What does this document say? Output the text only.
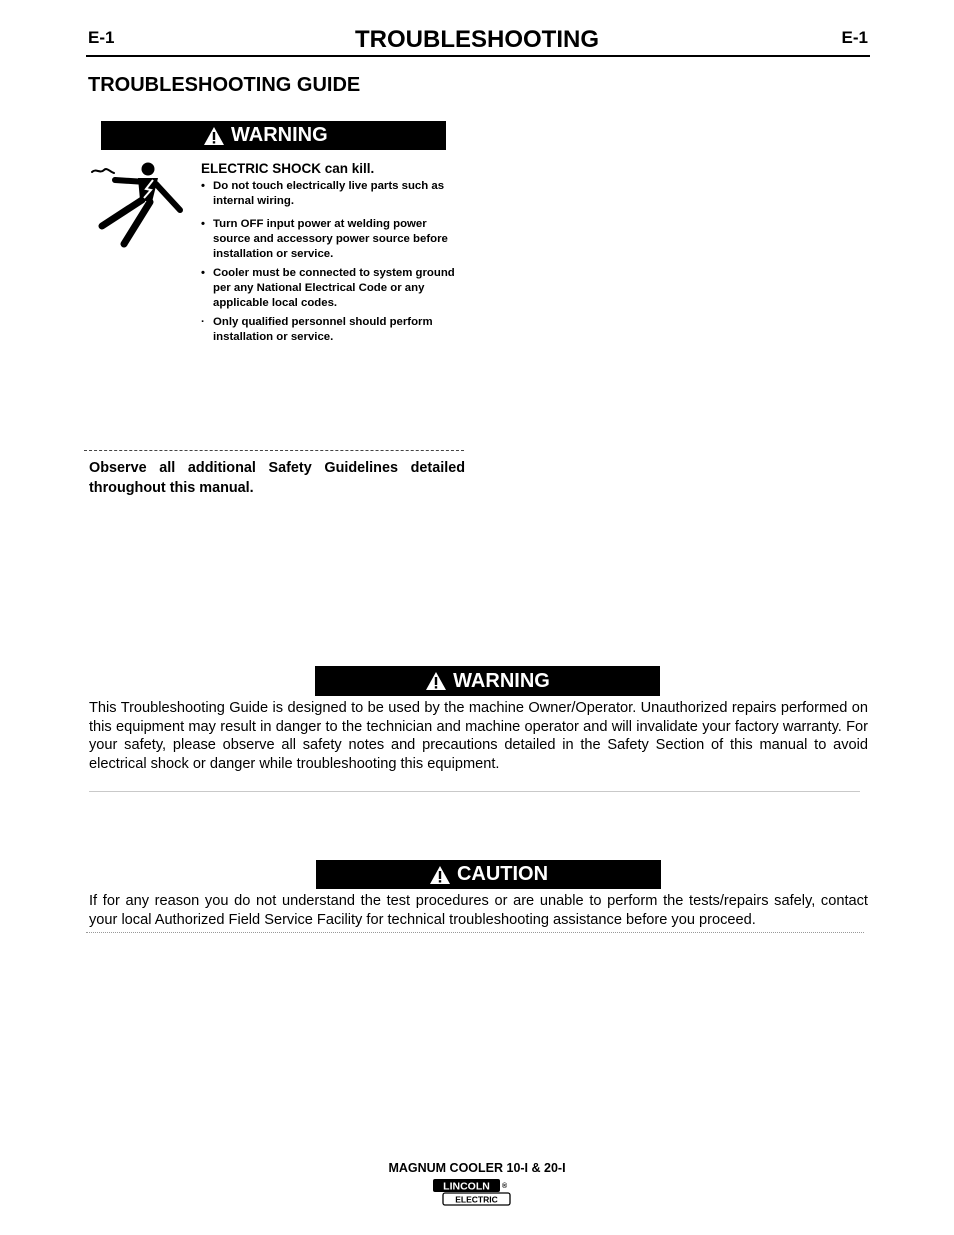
E-1	TROUBLESHOOTING	E-1
TROUBLESHOOTING GUIDE
WARNING
ELECTRIC SHOCK can kill.
• Do not touch electrically live parts such as internal wiring.
• Turn OFF input power at welding power source and accessory power source before installation or service.
• Cooler must be connected to system ground per any National Electrical Code or any applicable local codes.
· Only qualified personnel should perform installation or service.
Observe all additional Safety Guidelines detailed throughout this manual.
WARNING
This Troubleshooting Guide is designed to be used by the machine Owner/Operator. Unauthorized repairs performed on this equipment may result in danger to the technician and machine operator and will invalidate your factory warranty. For your safety, please observe all safety notes and precautions detailed in the Safety Section of this manual to avoid electrical shock or danger while troubleshooting this equipment.
CAUTION
If for any reason you do not understand the test procedures or are unable to perform the tests/repairs safely, contact your local Authorized Field Service Facility for technical troubleshooting assistance before you proceed.
MAGNUM COOLER 10-I & 20-I
LINCOLN
ELECTRIC
®
